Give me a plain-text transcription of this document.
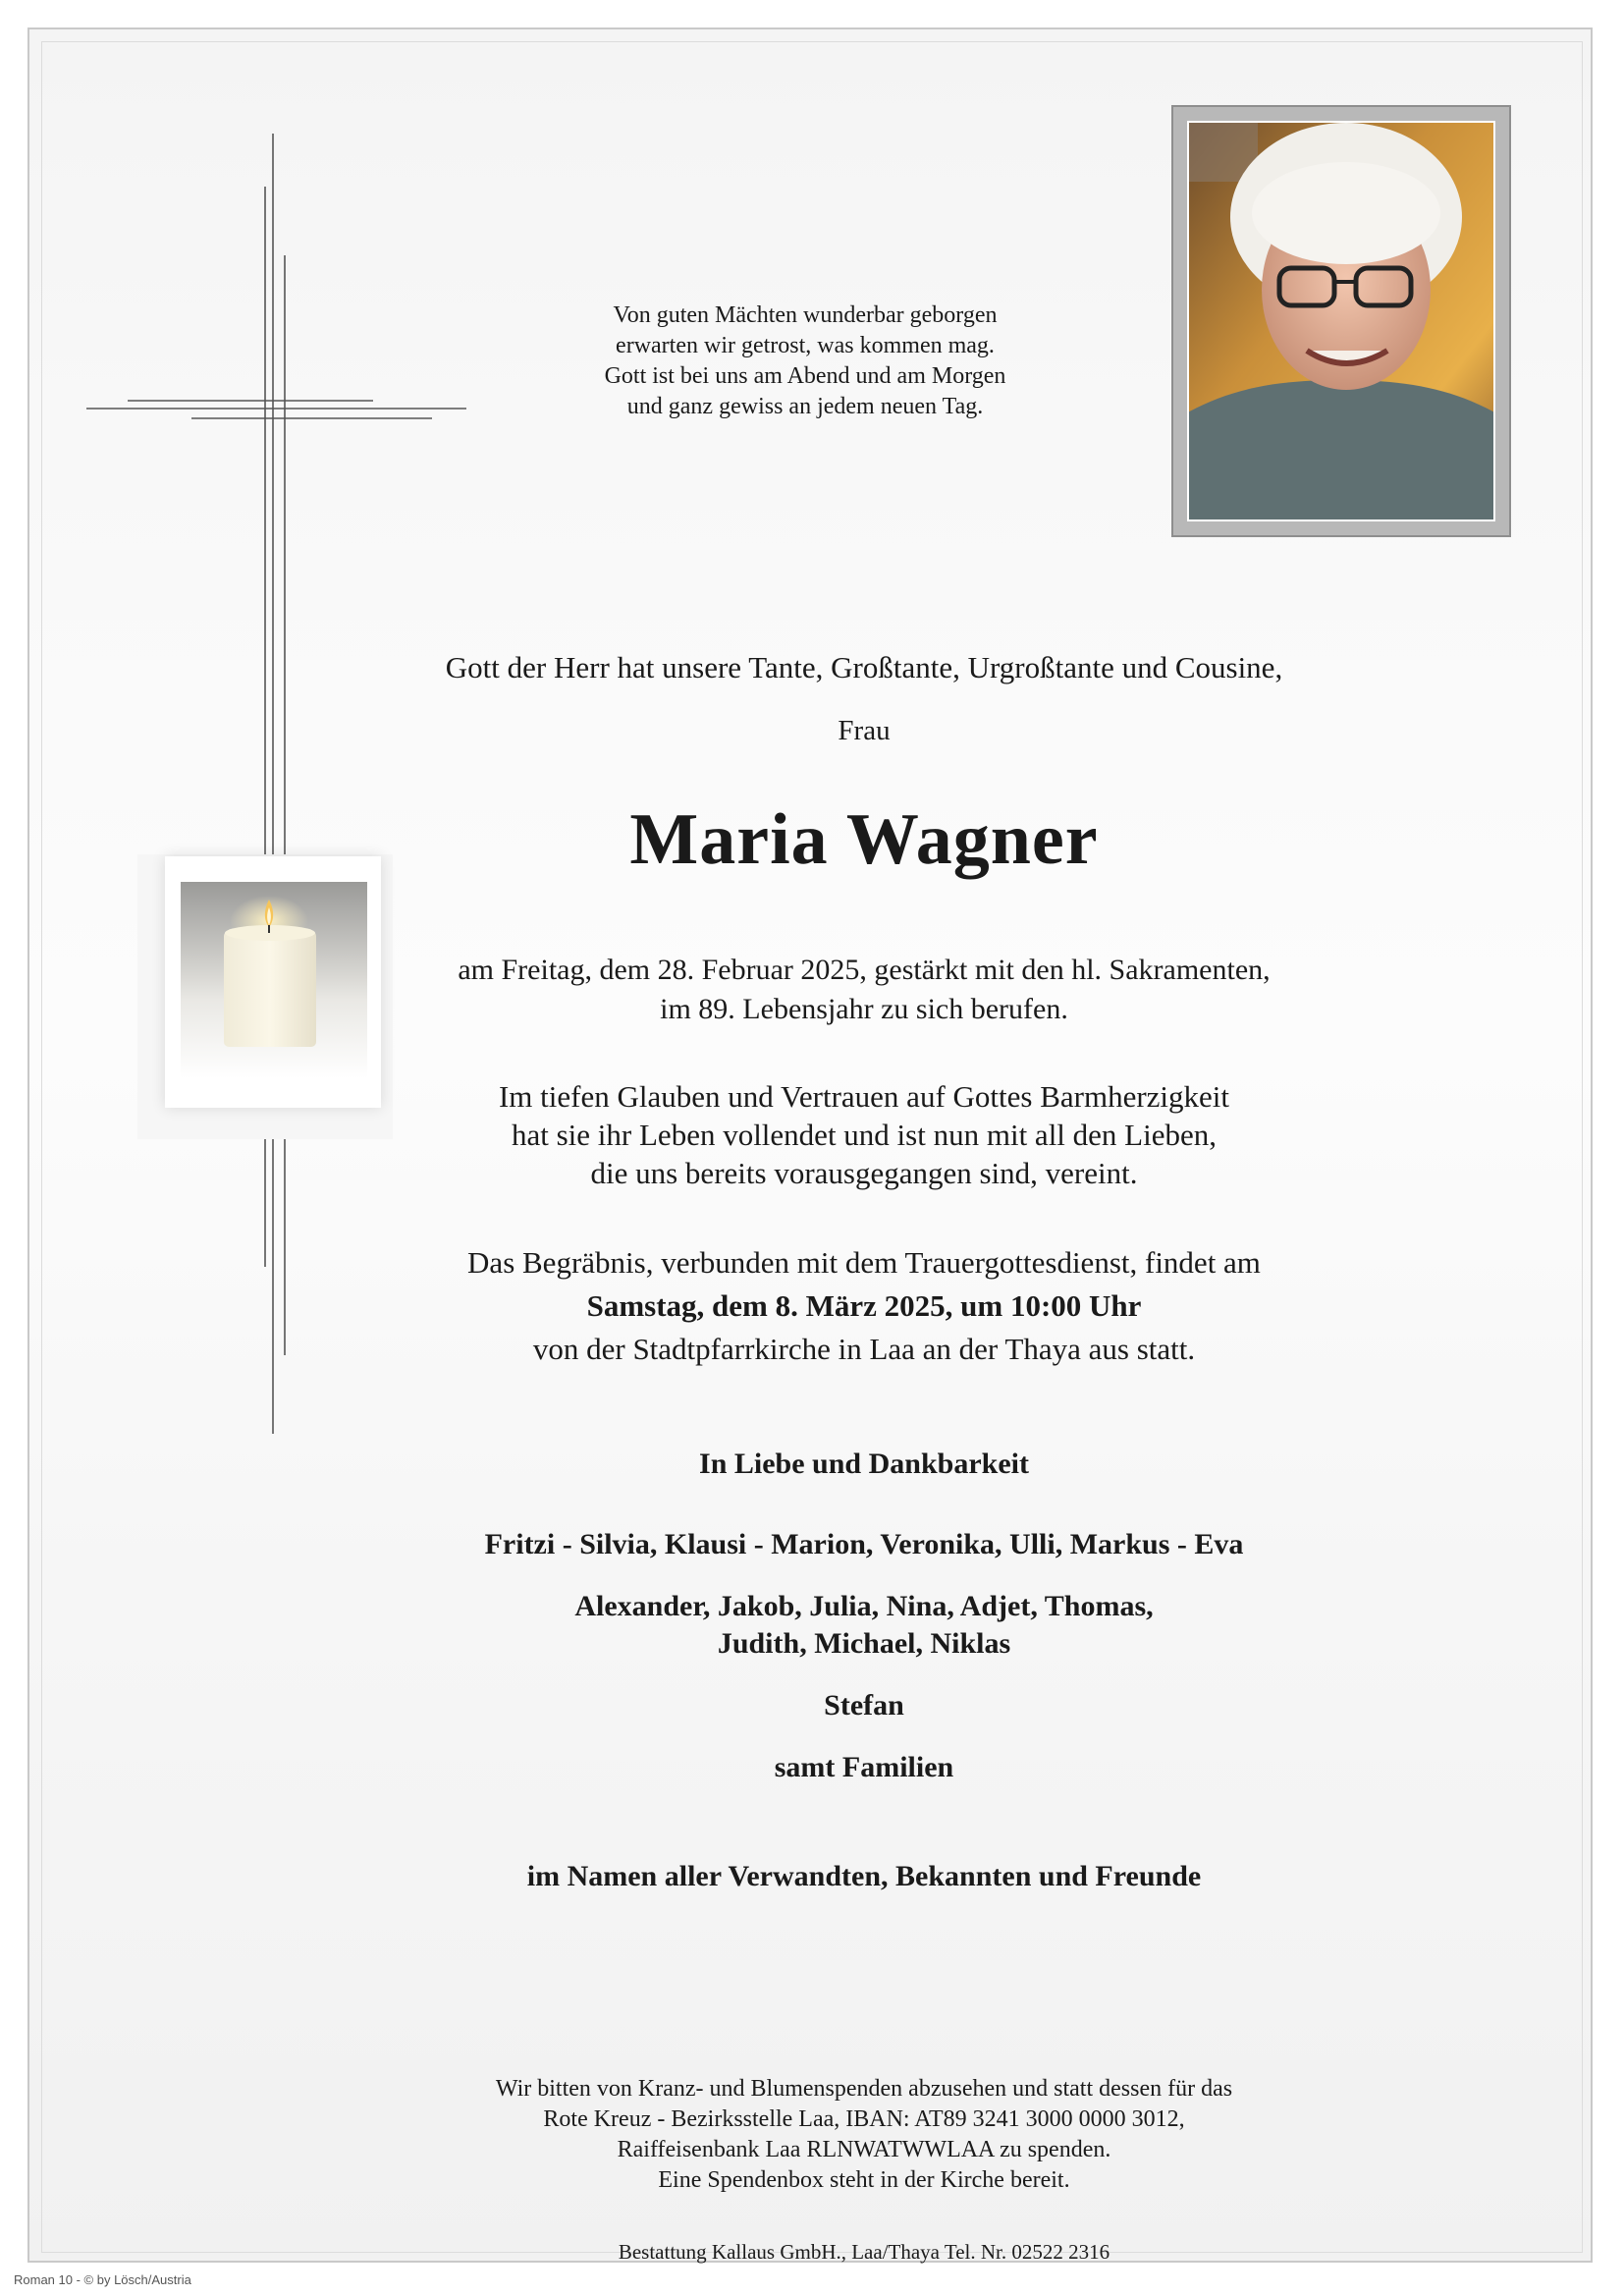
Von guten Mächten wunderbar geborgen
erwarten wir getrost, was kommen mag.
Gott ist bei uns am Abend und am Morgen
und ganz gewiss an jedem neuen Tag.
Gott der Herr hat unsere Tante, Großtante, Urgroßtante und Cousine,
Frau
Maria Wagner
am Freitag, dem 28. Februar 2025, gestärkt mit den hl. Sakramenten,
im 89. Lebensjahr zu sich berufen.
Im tiefen Glauben und Vertrauen auf Gottes Barmherzigkeit
hat sie ihr Leben vollendet und ist nun mit all den Lieben,
die uns bereits vorausgegangen sind, vereint.
Das Begräbnis, verbunden mit dem Trauergottesdienst, findet am
Samstag, dem 8. März 2025, um 10:00 Uhr
von der Stadtpfarrkirche in Laa an der Thaya aus statt.
In Liebe und Dankbarkeit
Fritzi - Silvia, Klausi - Marion, Veronika, Ulli, Markus - Eva
Alexander, Jakob, Julia, Nina, Adjet, Thomas,
Judith, Michael, Niklas
Stefan
samt Familien
im Namen aller Verwandten, Bekannten und Freunde
Wir bitten von Kranz- und Blumenspenden abzusehen und statt dessen für das
Rote Kreuz - Bezirksstelle Laa, IBAN: AT89 3241 3000 0000 3012,
Raiffeisenbank Laa RLNWATWWLAA zu spenden.
Eine Spendenbox steht in der Kirche bereit.
Bestattung Kallaus GmbH., Laa/Thaya Tel. Nr. 02522 2316
Roman 10 - © by Lösch/Austria
